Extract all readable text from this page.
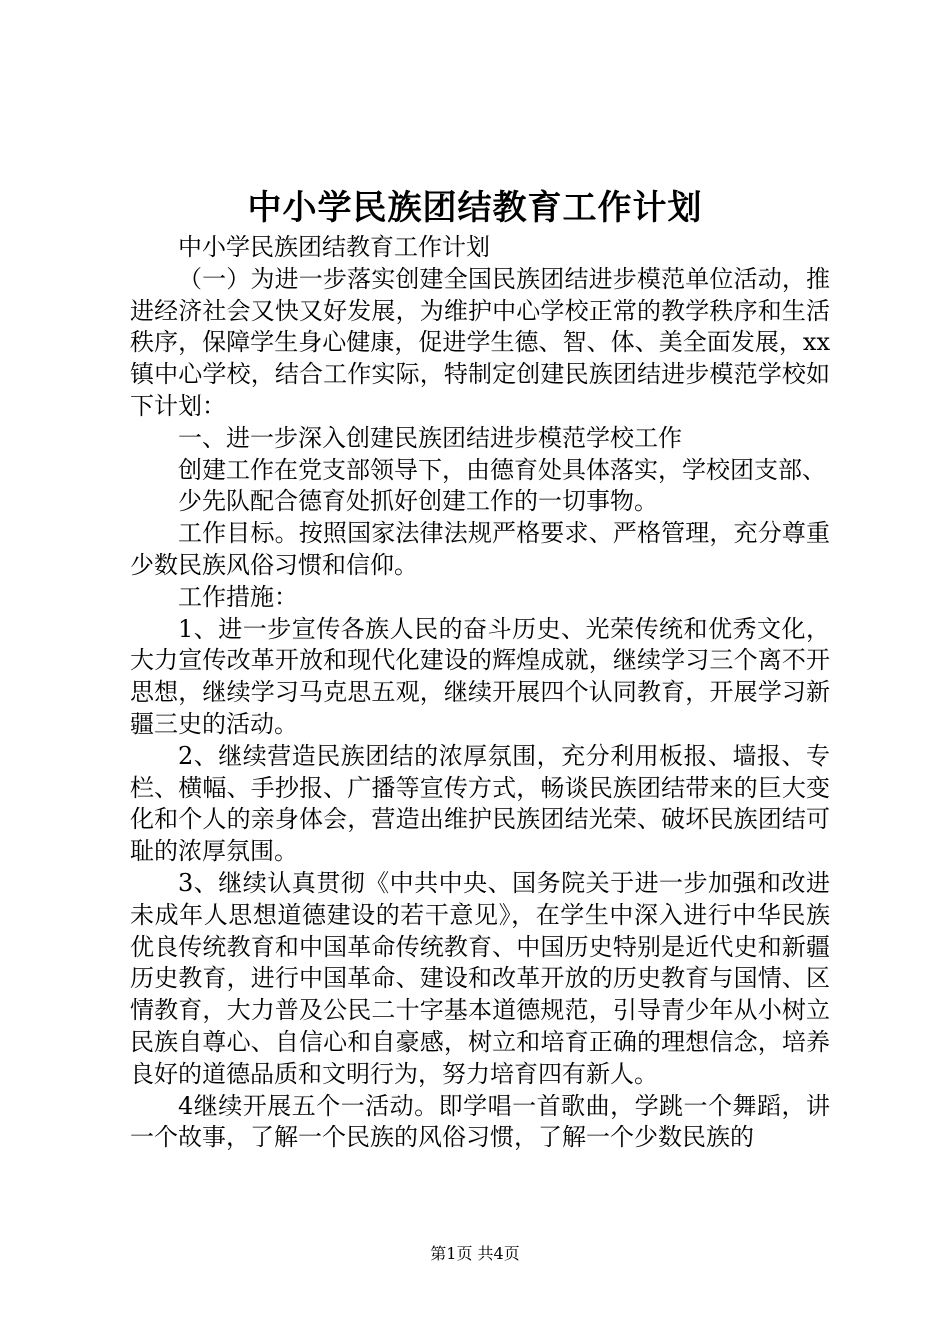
中小学民族团结教育工作计划

中小学民族团结教育工作计划

（一）为进一步落实创建全国民族团结进步模范单位活动，推进经济社会又快又好发展，为维护中心学校正常的教学秩序和生活秩序，保障学生身心健康，促进学生德、智、体、美全面发展，xx镇中心学校，结合工作实际，特制定创建民族团结进步模范学校如下计划：

一、进一步深入创建民族团结进步模范学校工作

创建工作在党支部领导下，由德育处具体落实，学校团支部、

少先队配合德育处抓好创建工作的一切事物。

工作目标。按照国家法律法规严格要求、严格管理，充分尊重少数民族风俗习惯和信仰。

工作措施：

1、进一步宣传各族人民的奋斗历史、光荣传统和优秀文化，大力宣传改革开放和现代化建设的辉煌成就，继续学习三个离不开思想，继续学习马克思五观，继续开展四个认同教育，开展学习新疆三史的活动。

2、继续营造民族团结的浓厚氛围，充分利用板报、墙报、专栏、横幅、手抄报、广播等宣传方式，畅谈民族团结带来的巨大变化和个人的亲身体会，营造出维护民族团结光荣、破坏民族团结可耻的浓厚氛围。

3、继续认真贯彻《中共中央、国务院关于进一步加强和改进未成年人思想道德建设的若干意见》，在学生中深入进行中华民族优良传统教育和中国革命传统教育、中国历史特别是近代史和新疆历史教育，进行中国革命、建设和改革开放的历史教育与国情、区情教育，大力普及公民二十字基本道德规范，引导青少年从小树立民族自尊心、自信心和自豪感，树立和培育正确的理想信念，培养良好的道德品质和文明行为，努力培育四有新人。

4继续开展五个一活动。即学唱一首歌曲，学跳一个舞蹈，讲一个故事，了解一个民族的风俗习惯，了解一个少数民族的

第1页 共4页
